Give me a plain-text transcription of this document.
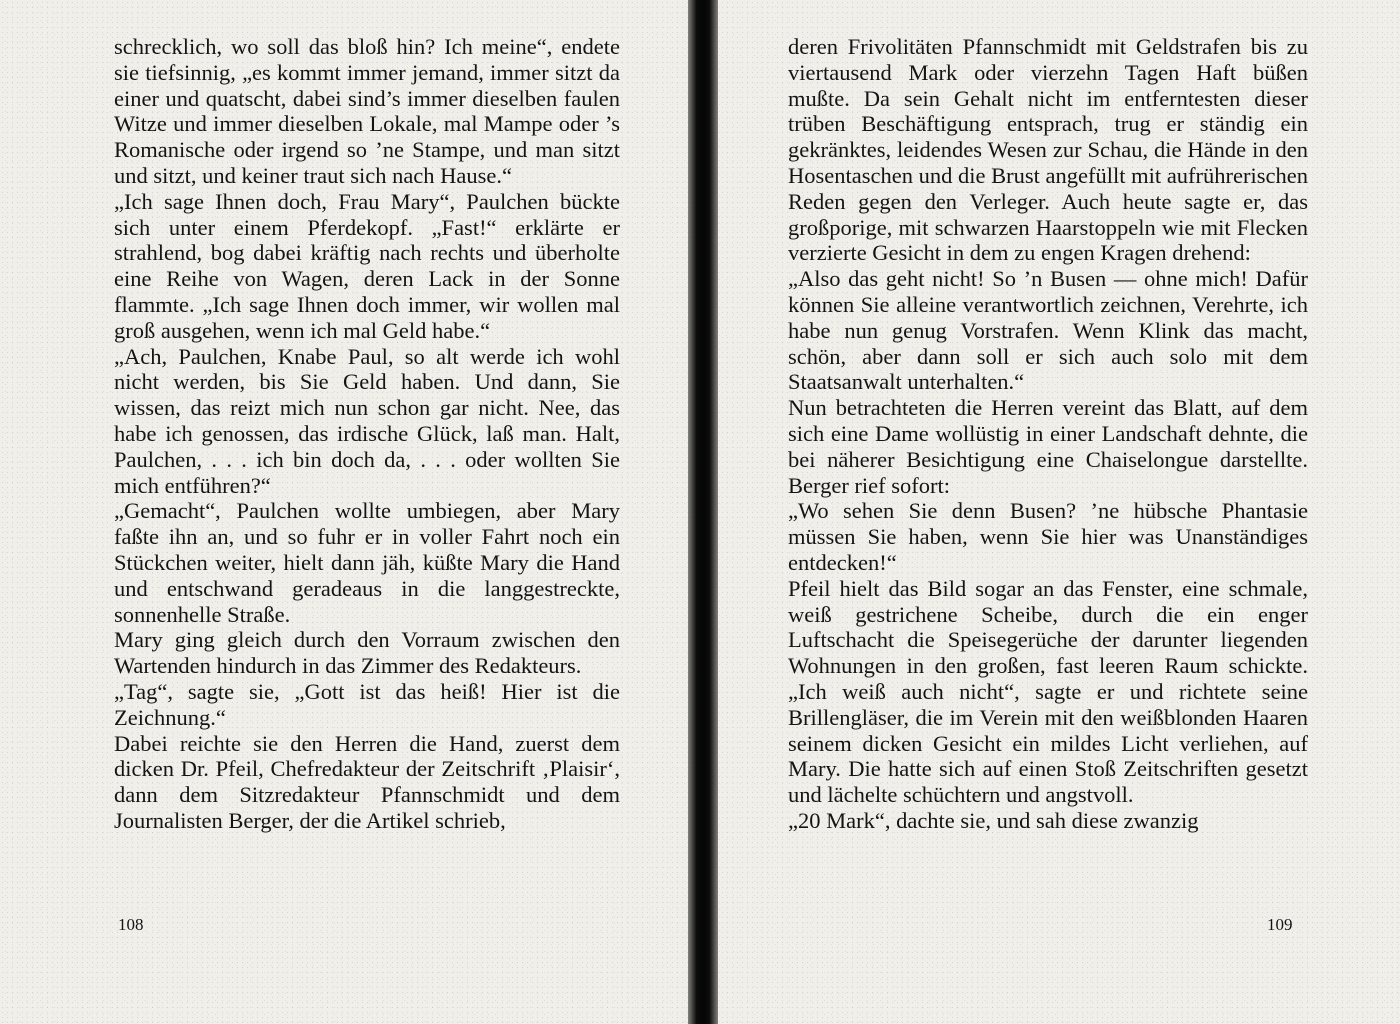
schrecklich, wo soll das bloß hin? Ich meine“, endete sie tiefsinnig, „es kommt immer jemand, immer sitzt da einer und quatscht, dabei sind’s immer dieselben faulen Witze und immer dieselben Lokale, mal Mampe oder ’s Romanische oder irgend so ’ne Stampe, und man sitzt und sitzt, und keiner traut sich nach Hause.“

„Ich sage Ihnen doch, Frau Mary“, Paulchen bückte sich unter einem Pferdekopf. „Fast!“ erklärte er strahlend, bog dabei kräftig nach rechts und überholte eine Reihe von Wagen, deren Lack in der Sonne flammte. „Ich sage Ihnen doch immer, wir wollen mal groß ausgehen, wenn ich mal Geld habe.“

„Ach, Paulchen, Knabe Paul, so alt werde ich wohl nicht werden, bis Sie Geld haben. Und dann, Sie wissen, das reizt mich nun schon gar nicht. Nee, das habe ich genossen, das irdische Glück, laß man. Halt, Paulchen, . . . ich bin doch da, . . . oder wollten Sie mich entführen?“

„Gemacht“, Paulchen wollte umbiegen, aber Mary faßte ihn an, und so fuhr er in voller Fahrt noch ein Stückchen weiter, hielt dann jäh, küßte Mary die Hand und entschwand geradeaus in die langgestreckte, sonnenhelle Straße.

Mary ging gleich durch den Vorraum zwischen den Wartenden hindurch in das Zimmer des Redakteurs.

„Tag“, sagte sie, „Gott ist das heiß! Hier ist die Zeichnung.“

Dabei reichte sie den Herren die Hand, zuerst dem dicken Dr. Pfeil, Chefredakteur der Zeitschrift ‚Plaisir‘, dann dem Sitzredakteur Pfannschmidt und dem Journalisten Berger, der die Artikel schrieb,

108

deren Frivolitäten Pfannschmidt mit Geldstrafen bis zu viertausend Mark oder vierzehn Tagen Haft büßen mußte. Da sein Gehalt nicht im entferntesten dieser trüben Beschäftigung entsprach, trug er ständig ein gekränktes, leidendes Wesen zur Schau, die Hände in den Hosentaschen und die Brust angefüllt mit aufrührerischen Reden gegen den Verleger. Auch heute sagte er, das großporige, mit schwarzen Haarstoppeln wie mit Flecken verzierte Gesicht in dem zu engen Kragen drehend:

„Also das geht nicht! So ’n Busen — ohne mich! Dafür können Sie alleine verantwortlich zeichnen, Verehrte, ich habe nun genug Vorstrafen. Wenn Klink das macht, schön, aber dann soll er sich auch solo mit dem Staatsanwalt unterhalten.“

Nun betrachteten die Herren vereint das Blatt, auf dem sich eine Dame wollüstig in einer Landschaft dehnte, die bei näherer Besichtigung eine Chaiselongue darstellte. Berger rief sofort:

„Wo sehen Sie denn Busen? ’ne hübsche Phantasie müssen Sie haben, wenn Sie hier was Unanständiges entdecken!“

Pfeil hielt das Bild sogar an das Fenster, eine schmale, weiß gestrichene Scheibe, durch die ein enger Luftschacht die Speisegerüche der darunter liegenden Wohnungen in den großen, fast leeren Raum schickte. „Ich weiß auch nicht“, sagte er und richtete seine Brillengläser, die im Verein mit den weißblonden Haaren seinem dicken Gesicht ein mildes Licht verliehen, auf Mary. Die hatte sich auf einen Stoß Zeitschriften gesetzt und lächelte schüchtern und angstvoll.

„20 Mark“, dachte sie, und sah diese zwanzig

109
